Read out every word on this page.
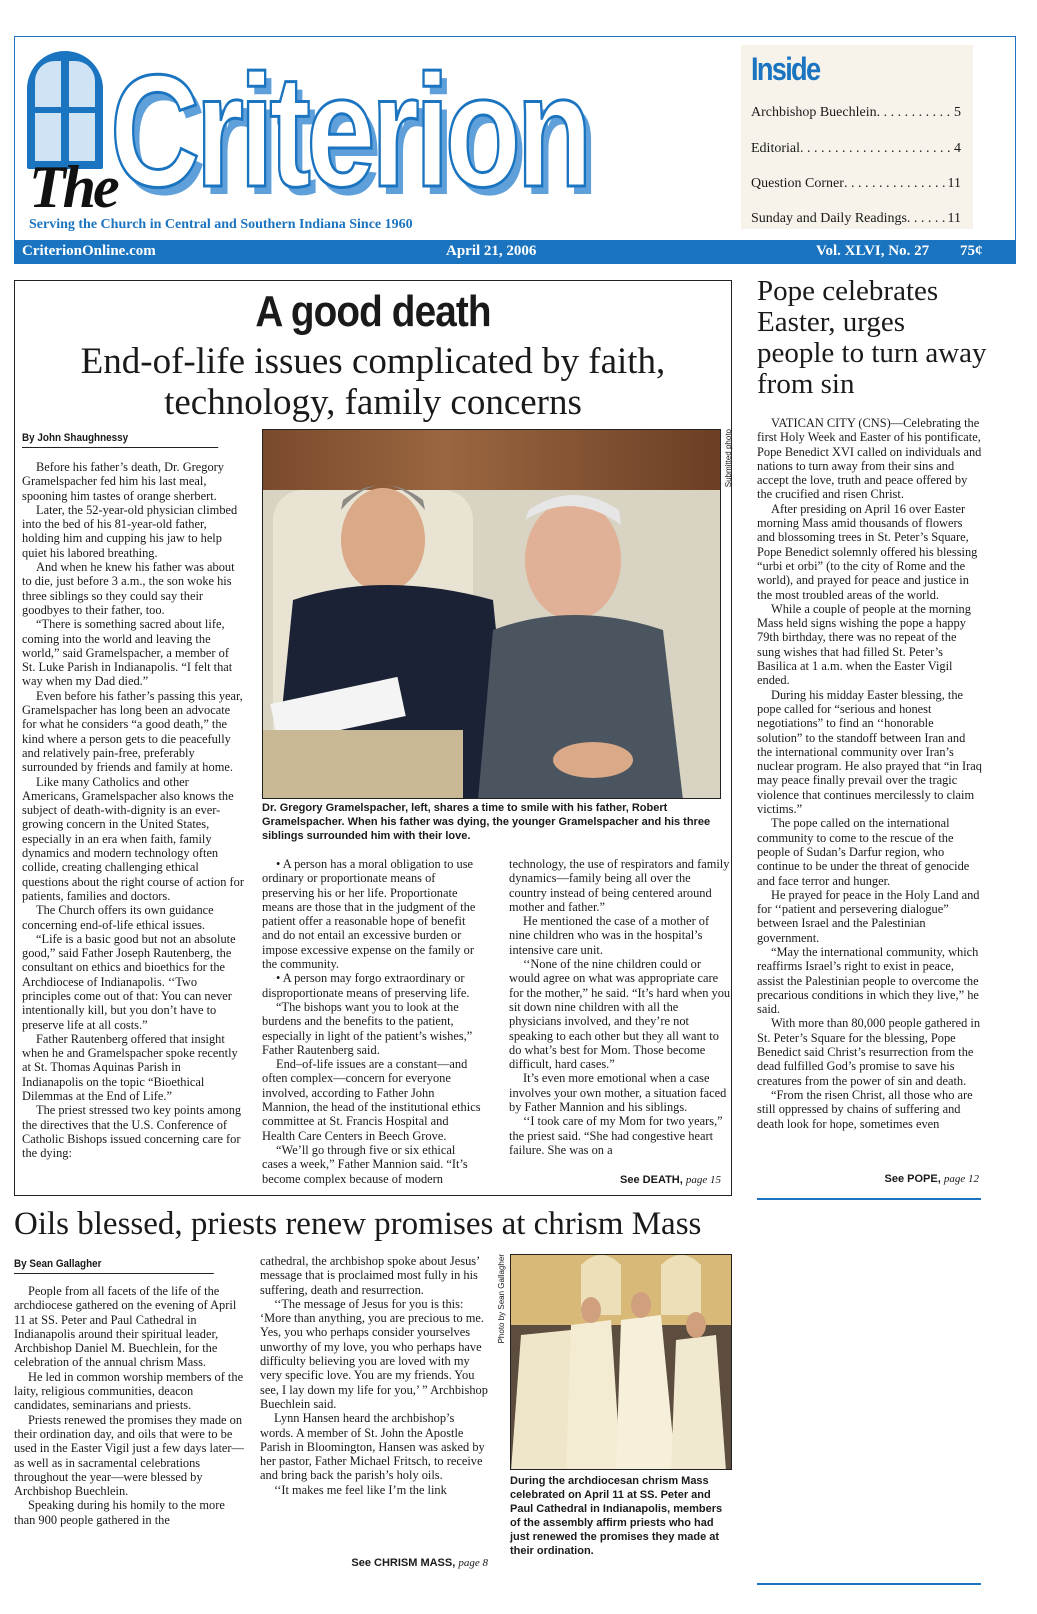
Criterion
The
Serving the Church in Central and Southern Indiana Since 1960
Inside
Archbishop Buechlein . . .	5
Editorial . . .	4
Question Corner . . .	11
Sunday and Daily Readings . . .	11
CriterionOnline.com	April 21, 2006	Vol. XLVI, No. 27 75¢
A good death
End-of-life issues complicated by faith, technology, family concerns
By John Shaughnessy

Before his father’s death, Dr. Gregory Gramelspacher fed him his last meal, spooning him tastes of orange sherbert.

Later, the 52-year-old physician climbed into the bed of his 81-year-old father, holding him and cupping his jaw to help quiet his labored breathing.

And when he knew his father was about to die, just before 3 a.m., the son woke his three siblings so they could say their goodbyes to their father, too.

“There is something sacred about life, coming into the world and leaving the world,” said Gramelspacher, a member of St. Luke Parish in Indianapolis. “I felt that way when my Dad died.”

Even before his father’s passing this year, Gramelspacher has long been an advocate for what he considers “a good death,” the kind where a person gets to die peacefully and relatively pain-free, preferably surrounded by friends and family at home.

Like many Catholics and other Americans, Gramelspacher also knows the subject of death-with-dignity is an ever-growing concern in the United States, especially in an era when faith, family dynamics and modern technology often collide, creating challenging ethical questions about the right course of action for patients, families and doctors.

The Church offers its own guidance concerning end-of-life ethical issues.

“Life is a basic good but not an absolute good,” said Father Joseph Rautenberg, the consultant on ethics and bioethics for the Archdiocese of Indianapolis. ‘‘Two principles come out of that: You can never intentionally kill, but you don’t have to preserve life at all costs.”

Father Rautenberg offered that insight when he and Gramelspacher spoke recently at St. Thomas Aquinas Parish in Indianapolis on the topic “Bioethical Dilemmas at the End of Life.”

The priest stressed two key points among the directives that the U.S. Conference of Catholic Bishops issued concerning care for the dying:

Submitted photo
Dr. Gregory Gramelspacher, left, shares a time to smile with his father, Robert Gramelspacher. When his father was dying, the younger Gramelspacher and his three siblings surrounded him with their love.

• A person has a moral obligation to use ordinary or proportionate means of preserving his or her life. Proportionate means are those that in the judgment of the patient offer a reasonable hope of benefit and do not entail an excessive burden or impose excessive expense on the family or the community.

• A person may forgo extraordinary or disproportionate means of preserving life.

“The bishops want you to look at the burdens and the benefits to the patient, especially in light of the patient’s wishes,” Father Rautenberg said.

End–of-life issues are a constant—and often complex—concern for everyone involved, according to Father John Mannion, the head of the institutional ethics committee at St. Francis Hospital and Health Care Centers in Beech Grove.

“We’ll go through five or six ethical cases a week,” Father Mannion said. “It’s become complex because of modern

technology, the use of respirators and family dynamics—family being all over the country instead of being centered around mother and father.”

He mentioned the case of a mother of nine children who was in the hospital’s intensive care unit.

‘‘None of the nine children could or would agree on what was appropriate care for the mother,” he said. “It’s hard when you sit down nine children with all the physicians involved, and they’re not speaking to each other but they all want to do what’s best for Mom. Those become difficult, hard cases.”

It’s even more emotional when a case involves your own mother, a situation faced by Father Mannion and his siblings.

‘‘I took care of my Mom for two years,” the priest said. “She had congestive heart failure. She was on a

See DEATH, page 15
Pope celebrates Easter, urges people to turn away from sin

VATICAN CITY (CNS)—Celebrating the first Holy Week and Easter of his pontificate, Pope Benedict XVI called on individuals and nations to turn away from their sins and accept the love, truth and peace offered by the crucified and risen Christ.

After presiding on April 16 over Easter morning Mass amid thousands of flowers and blossoming trees in St. Peter’s Square, Pope Benedict solemnly offered his blessing “urbi et orbi” (to the city of Rome and the world), and prayed for peace and justice in the most troubled areas of the world.

While a couple of people at the morning Mass held signs wishing the pope a happy 79th birthday, there was no repeat of the sung wishes that had filled St. Peter’s Basilica at 1 a.m. when the Easter Vigil ended.

During his midday Easter blessing, the pope called for “serious and honest negotiations” to find an ‘‘honorable solution” to the standoff between Iran and the international community over Iran’s nuclear program. He also prayed that “in Iraq may peace finally prevail over the tragic violence that continues mercilessly to claim victims.”

The pope called on the international community to come to the rescue of the people of Sudan’s Darfur region, who continue to be under the threat of genocide and face terror and hunger.

He prayed for peace in the Holy Land and for ‘‘patient and persevering dialogue” between Israel and the Palestinian government.

“May the international community, which reaffirms Israel’s right to exist in peace, assist the Palestinian people to overcome the precarious conditions in which they live,” he said.

With more than 80,000 people gathered in St. Peter’s Square for the blessing, Pope Benedict said Christ’s resurrection from the dead fulfilled God’s promise to save his creatures from the power of sin and death.

“From the risen Christ, all those who are still oppressed by chains of suffering and death look for hope, sometimes even

See POPE, page 12
Oils blessed, priests renew promises at chrism Mass
By Sean Gallagher

People from all facets of the life of the archdiocese gathered on the evening of April 11 at SS. Peter and Paul Cathedral in Indianapolis around their spiritual leader, Archbishop Daniel M. Buechlein, for the celebration of the annual chrism Mass.

He led in common worship members of the laity, religious communities, deacon candidates, seminarians and priests.

Priests renewed the promises they made on their ordination day, and oils that were to be used in the Easter Vigil just a few days later—as well as in sacramental celebrations throughout the year—were blessed by Archbishop Buechlein.

Speaking during his homily to the more than 900 people gathered in the

cathedral, the archbishop spoke about Jesus’ message that is proclaimed most fully in his suffering, death and resurrection.

‘‘The message of Jesus for you is this: ‘More than anything, you are precious to me. Yes, you who perhaps consider yourselves unworthy of my love, you who perhaps have difficulty believing you are loved with my very specific love. You are my friends. You see, I lay down my life for you,’ ” Archbishop Buechlein said.

Lynn Hansen heard the archbishop’s words. A member of St. John the Apostle Parish in Bloomington, Hansen was asked by her pastor, Father Michael Fritsch, to receive and bring back the parish’s holy oils.

‘‘It makes me feel like I’m the link

See CHRISM MASS, page 8
Photo by Sean Gallagher
During the archdiocesan chrism Mass celebrated on April 11 at SS. Peter and Paul Cathedral in Indianapolis, members of the assembly affirm priests who had just renewed the promises they made at their ordination.
